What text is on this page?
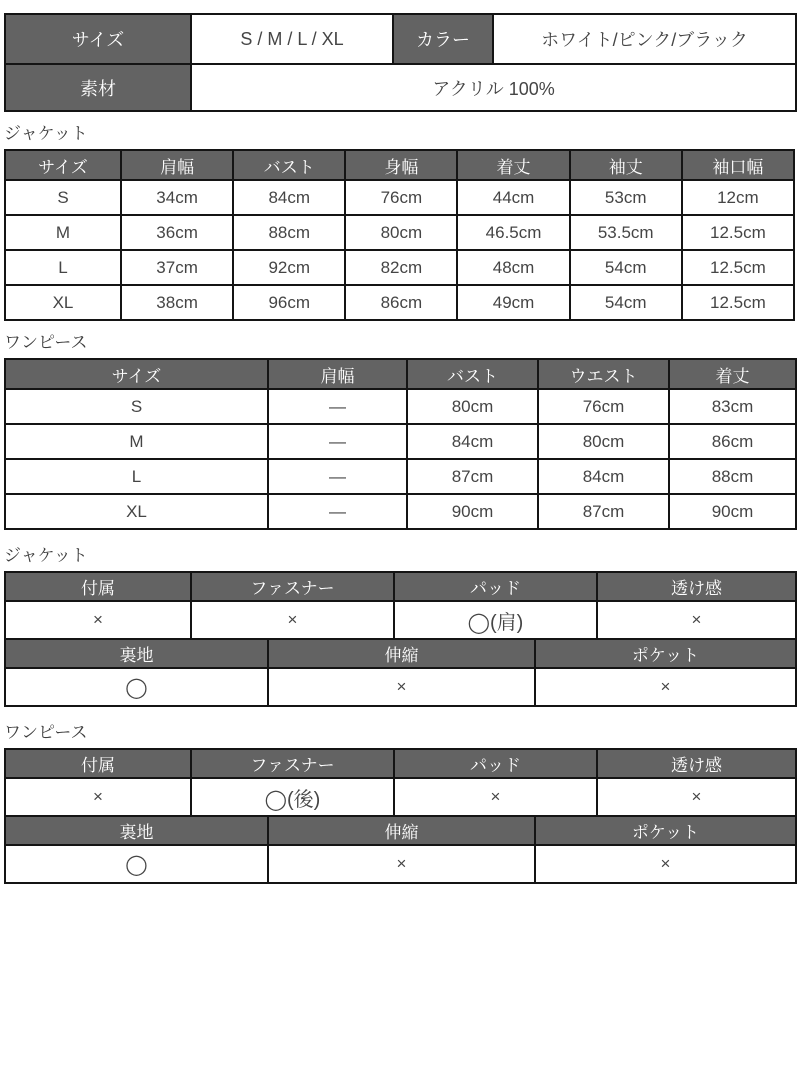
サイズ	S / M / L / XL	カラー	ホワイト/ピンク/ブラック
素材	アクリル 100%		
ジャケット
サイズ	肩幅	バスト	身幅	着丈	袖丈	袖口幅
S	34cm	84cm	76cm	44cm	53cm	12cm
M	36cm	88cm	80cm	46.5cm	53.5cm	12.5cm
L	37cm	92cm	82cm	48cm	54cm	12.5cm
XL	38cm	96cm	86cm	49cm	54cm	12.5cm
ワンピース
サイズ	肩幅	バスト	ウエスト	着丈
S	―	80cm	76cm	83cm
M	―	84cm	80cm	86cm
L	―	87cm	84cm	88cm
XL	―	90cm	87cm	90cm
ジャケット
付属	ファスナー	パッド	透け感
×	×	◯(肩)	×
裏地	伸縮	ポケット
◯	×	×
ワンピース
付属	ファスナー	パッド	透け感
×	◯(後)	×	×
裏地	伸縮	ポケット
◯	×	×
